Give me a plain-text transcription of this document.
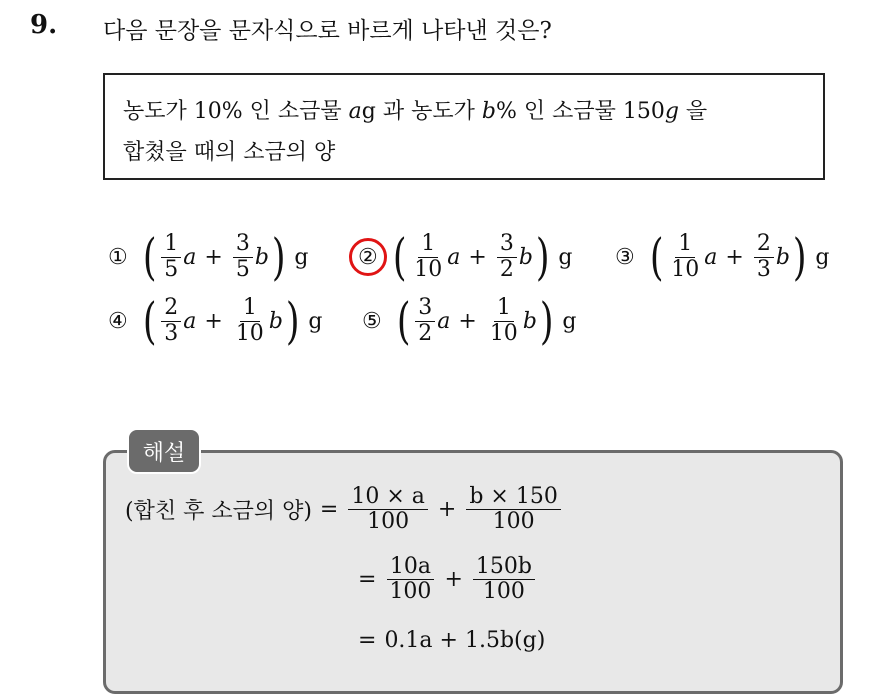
9. 다음 문장을 문자식으로 바르게 나타낸 것은?
농도가 10% 인 소금물 ag 과 농도가 b% 인 소금물 150g 을
합쳤을 때의 소금의 양
① ( $\frac{1}{5}$ $a + \frac{3}{5}$ b ) g ② ( $\frac{1}{10}$ $a + \frac{3}{2}$ b ) g ③ ( $\frac{1}{10}$ $a + \frac{2}{3}$ b ) g
④ ( $\frac{2}{3}$ $a + \frac{1}{10}$ b ) g ⑤ ( $\frac{3}{2}$ $a + \frac{1}{10}$ b ) g
해설
(합친 후 소금의 양) = $\frac{10 \times a}{100} + \frac{b \times 150}{100}$
= $\frac{10a}{100} + \frac{150b}{100}$
= 0.1a + 1.5b(g)
